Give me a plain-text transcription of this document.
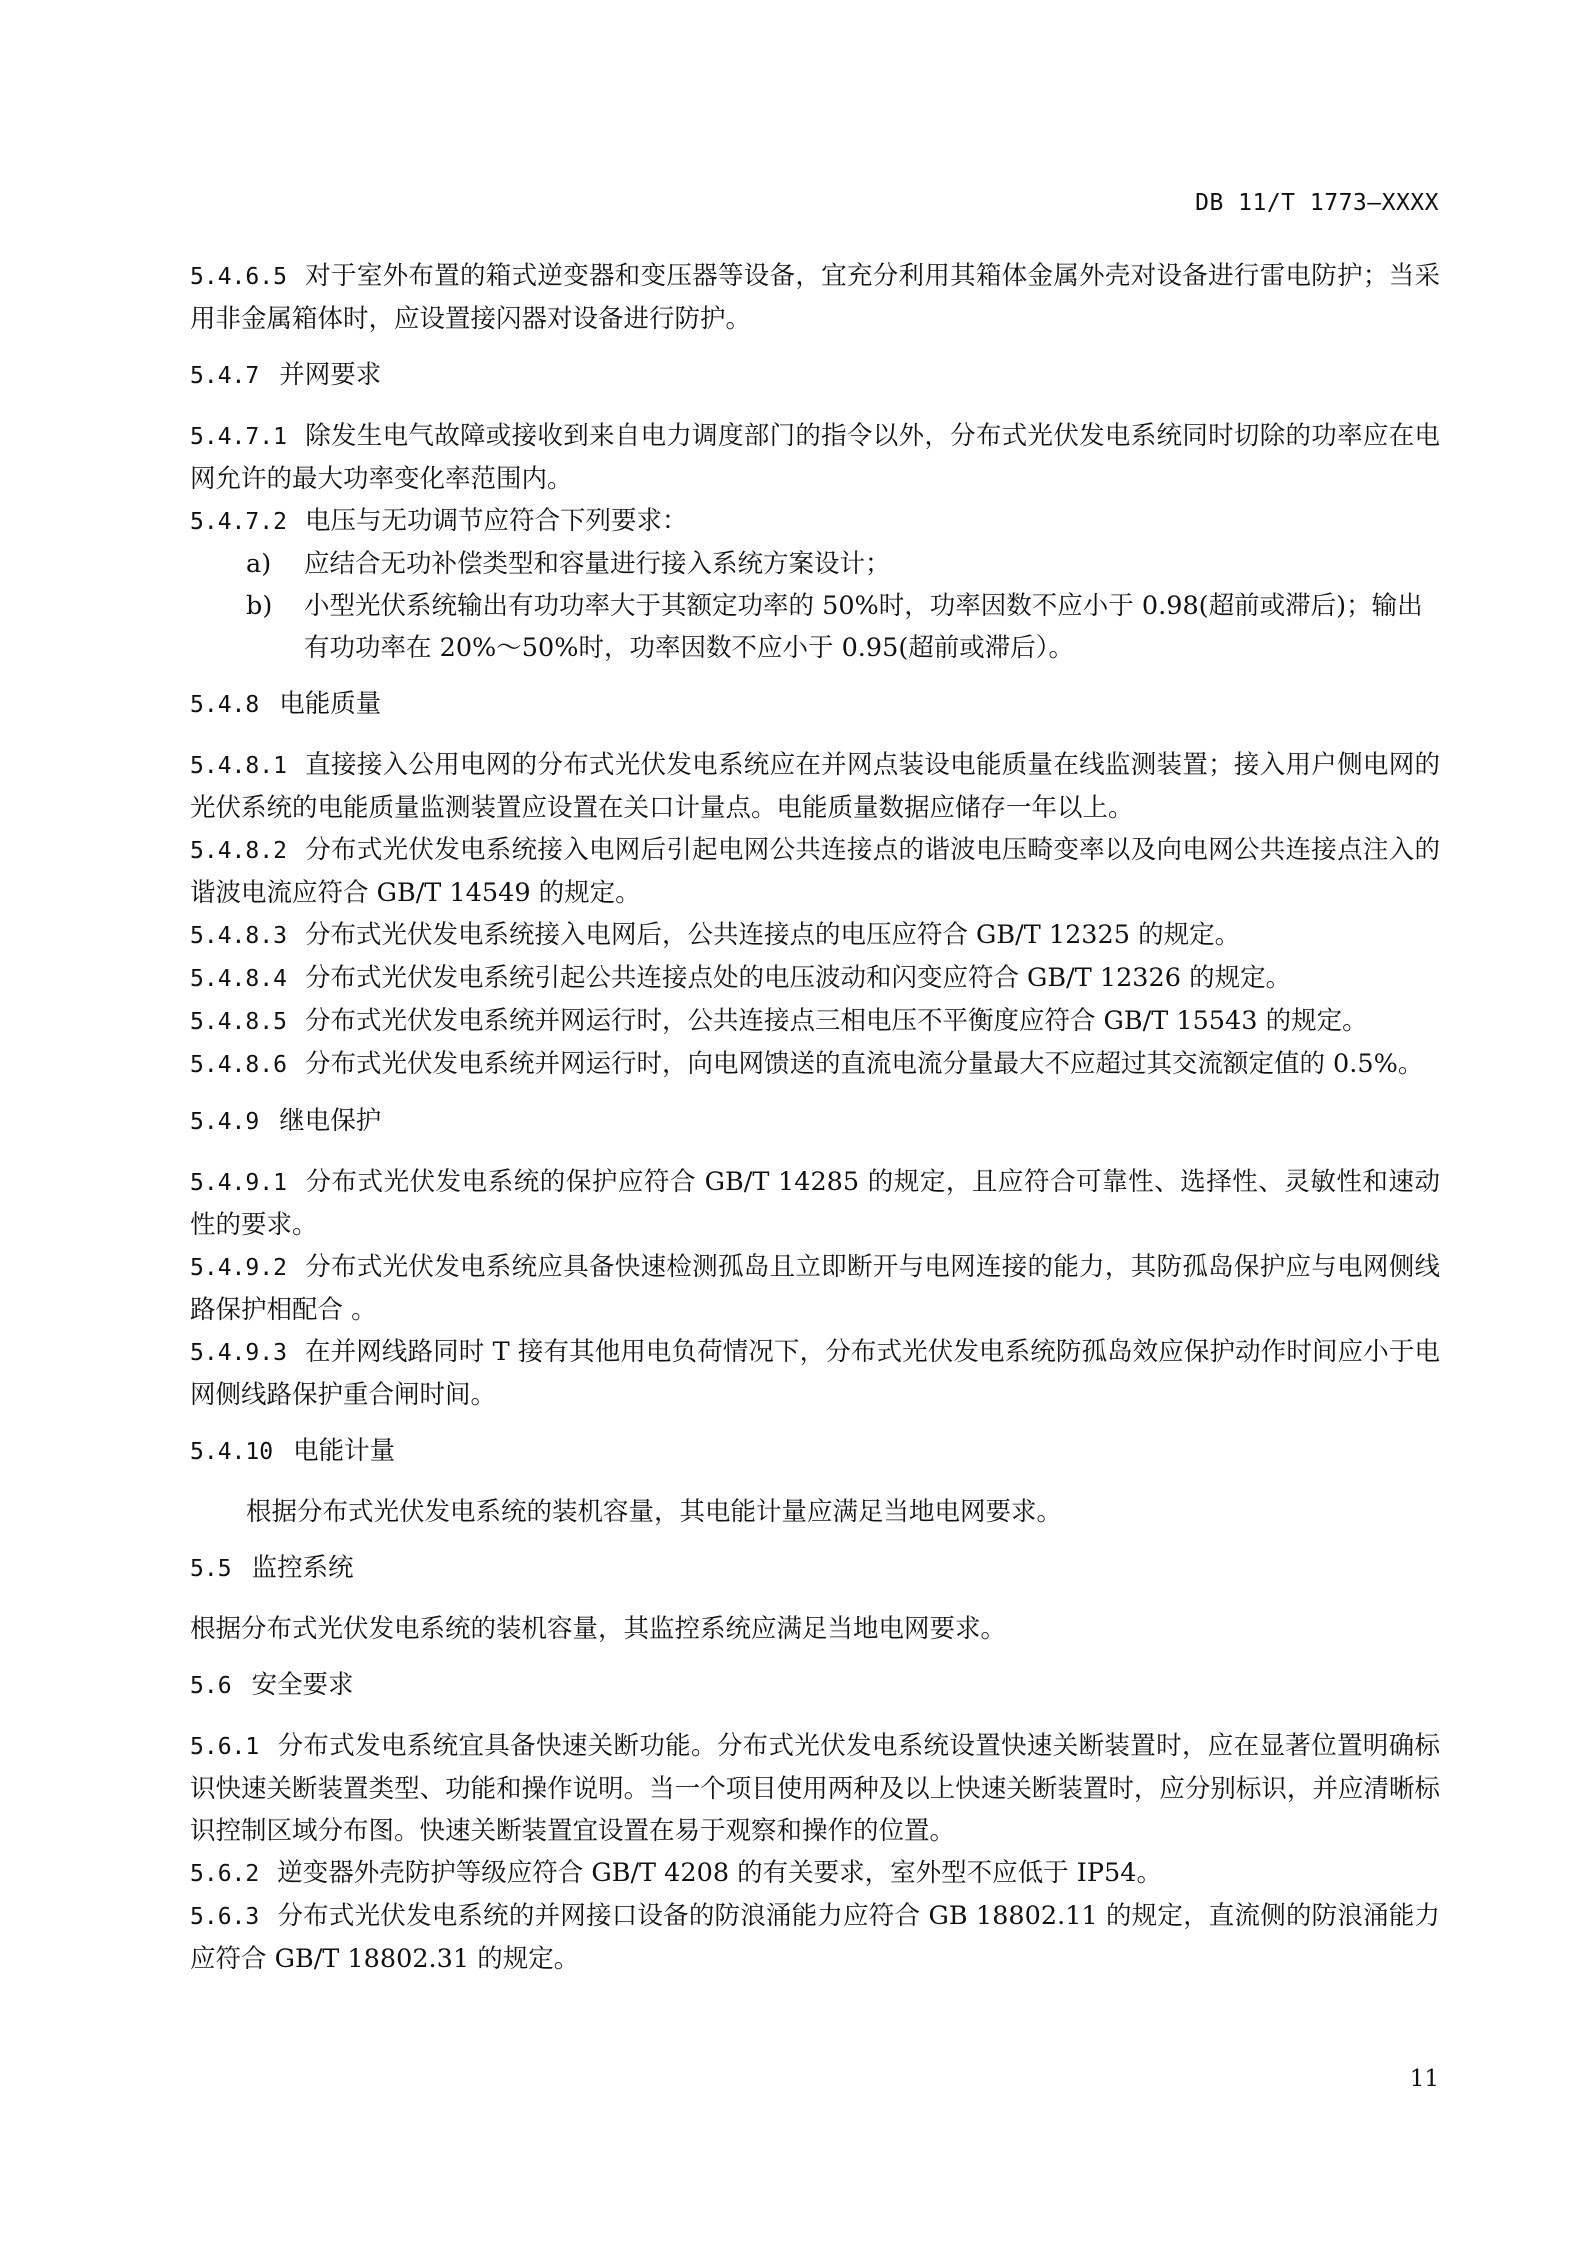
DB 11/T 1773—XXXX

5.4.6.5 对于室外布置的箱式逆变器和变压器等设备，宜充分利用其箱体金属外壳对设备进行雷电防护；当采用非金属箱体时，应设置接闪器对设备进行防护。

5.4.7 并网要求

5.4.7.1 除发生电气故障或接收到来自电力调度部门的指令以外，分布式光伏发电系统同时切除的功率应在电网允许的最大功率变化率范围内。

5.4.7.2 电压与无功调节应符合下列要求：

a) 应结合无功补偿类型和容量进行接入系统方案设计；

b) 小型光伏系统输出有功功率大于其额定功率的 50%时，功率因数不应小于 0.98(超前或滞后)；输出有功功率在 20%～50%时，功率因数不应小于 0.95(超前或滞后）。

5.4.8 电能质量

5.4.8.1 直接接入公用电网的分布式光伏发电系统应在并网点装设电能质量在线监测装置；接入用户侧电网的光伏系统的电能质量监测装置应设置在关口计量点。电能质量数据应储存一年以上。

5.4.8.2 分布式光伏发电系统接入电网后引起电网公共连接点的谐波电压畸变率以及向电网公共连接点注入的谐波电流应符合 GB/T 14549 的规定。

5.4.8.3 分布式光伏发电系统接入电网后，公共连接点的电压应符合 GB/T 12325 的规定。

5.4.8.4 分布式光伏发电系统引起公共连接点处的电压波动和闪变应符合 GB/T 12326 的规定。

5.4.8.5 分布式光伏发电系统并网运行时，公共连接点三相电压不平衡度应符合 GB/T 15543 的规定。

5.4.8.6 分布式光伏发电系统并网运行时，向电网馈送的直流电流分量最大不应超过其交流额定值的 0.5%。

5.4.9 继电保护

5.4.9.1 分布式光伏发电系统的保护应符合 GB/T 14285 的规定，且应符合可靠性、选择性、灵敏性和速动性的要求。

5.4.9.2 分布式光伏发电系统应具备快速检测孤岛且立即断开与电网连接的能力，其防孤岛保护应与电网侧线路保护相配合 。

5.4.9.3 在并网线路同时 T 接有其他用电负荷情况下，分布式光伏发电系统防孤岛效应保护动作时间应小于电网侧线路保护重合闸时间。

5.4.10 电能计量

根据分布式光伏发电系统的装机容量，其电能计量应满足当地电网要求。

5.5 监控系统

根据分布式光伏发电系统的装机容量，其监控系统应满足当地电网要求。

5.6 安全要求

5.6.1 分布式发电系统宜具备快速关断功能。分布式光伏发电系统设置快速关断装置时，应在显著位置明确标识快速关断装置类型、功能和操作说明。当一个项目使用两种及以上快速关断装置时，应分别标识，并应清晰标识控制区域分布图。快速关断装置宜设置在易于观察和操作的位置。

5.6.2 逆变器外壳防护等级应符合 GB/T 4208 的有关要求，室外型不应低于 IP54。

5.6.3 分布式光伏发电系统的并网接口设备的防浪涌能力应符合 GB 18802.11 的规定，直流侧的防浪涌能力应符合 GB/T 18802.31 的规定。

11
